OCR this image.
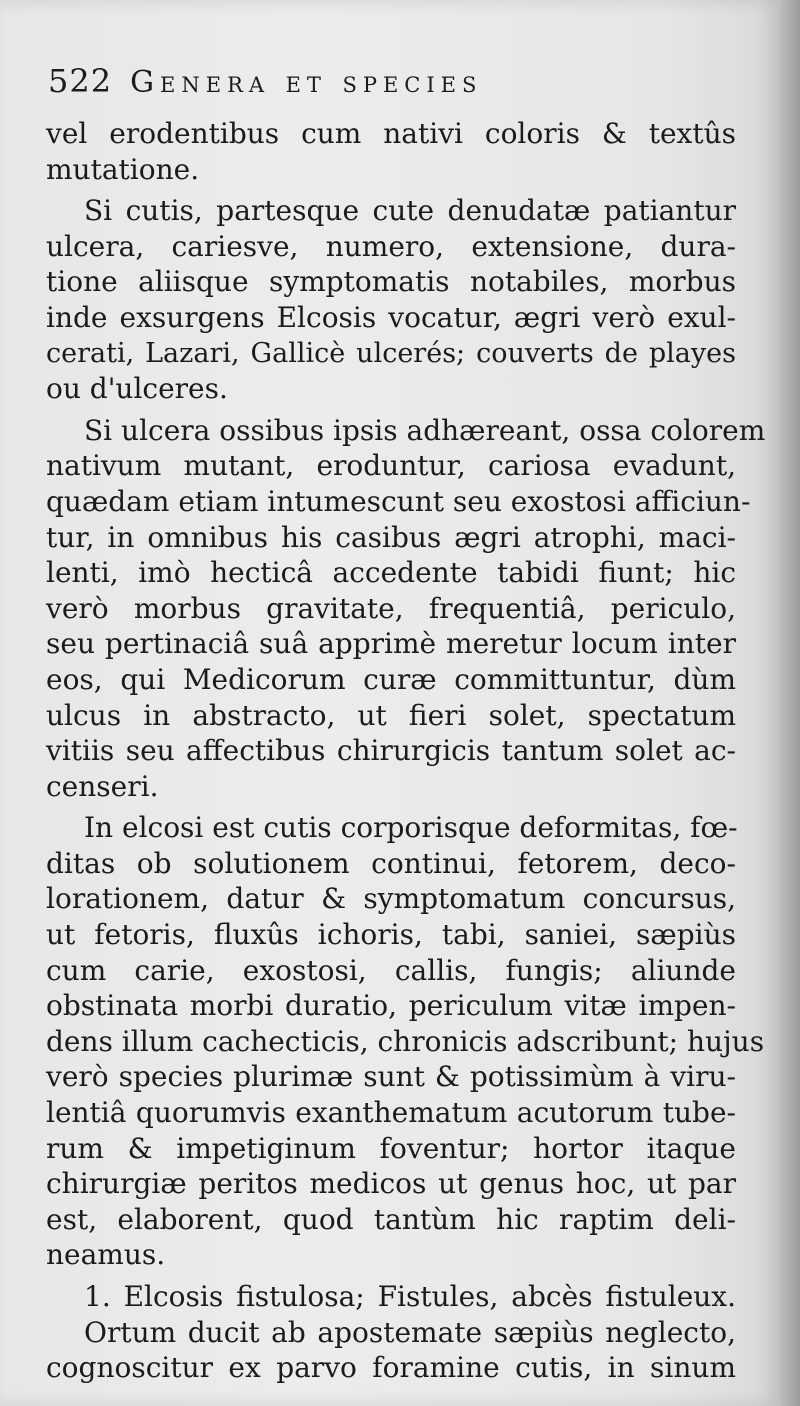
522 Genera et species
vel erodentibus cum nativi coloris & textûs
mutatione.
Si cutis, partesque cute denudatæ patiantur
ulcera, cariesve, numero, extensione, dura-
tione aliisque symptomatis notabiles, morbus
inde exsurgens Elcosis vocatur, ægri verò exul-
cerati, Lazari, Gallicè ulcerés; couverts de playes
ou d'ulceres.
Si ulcera ossibus ipsis adhæreant, ossa colorem
nativum mutant, eroduntur, cariosa evadunt,
quædam etiam intumescunt seu exostosi afficiun-
tur, in omnibus his casibus ægri atrophi, maci-
lenti, imò hecticâ accedente tabidi fiunt; hic
verò morbus gravitate, frequentiâ, periculo,
seu pertinaciâ suâ apprimè meretur locum inter
eos, qui Medicorum curæ committuntur, dùm
ulcus in abstracto, ut fieri solet, spectatum
vitiis seu affectibus chirurgicis tantum solet ac-
censeri.
In elcosi est cutis corporisque deformitas, fœ-
ditas ob solutionem continui, fetorem, deco-
lorationem, datur & symptomatum concursus,
ut fetoris, fluxûs ichoris, tabi, saniei, sæpiùs
cum carie, exostosi, callis, fungis; aliunde
obstinata morbi duratio, periculum vitæ impen-
dens illum cachecticis, chronicis adscribunt; hujus
verò species plurimæ sunt & potissimùm à viru-
lentiâ quorumvis exanthematum acutorum tube-
rum & impetiginum foventur; hortor itaque
chirurgiæ peritos medicos ut genus hoc, ut par
est, elaborent, quod tantùm hic raptim deli-
neamus.
1. Elcosis fistulosa; Fistules, abcès fistuleux.
Ortum ducit ab apostemate sæpiùs neglecto,
cognoscitur ex parvo foramine cutis, in sinum
